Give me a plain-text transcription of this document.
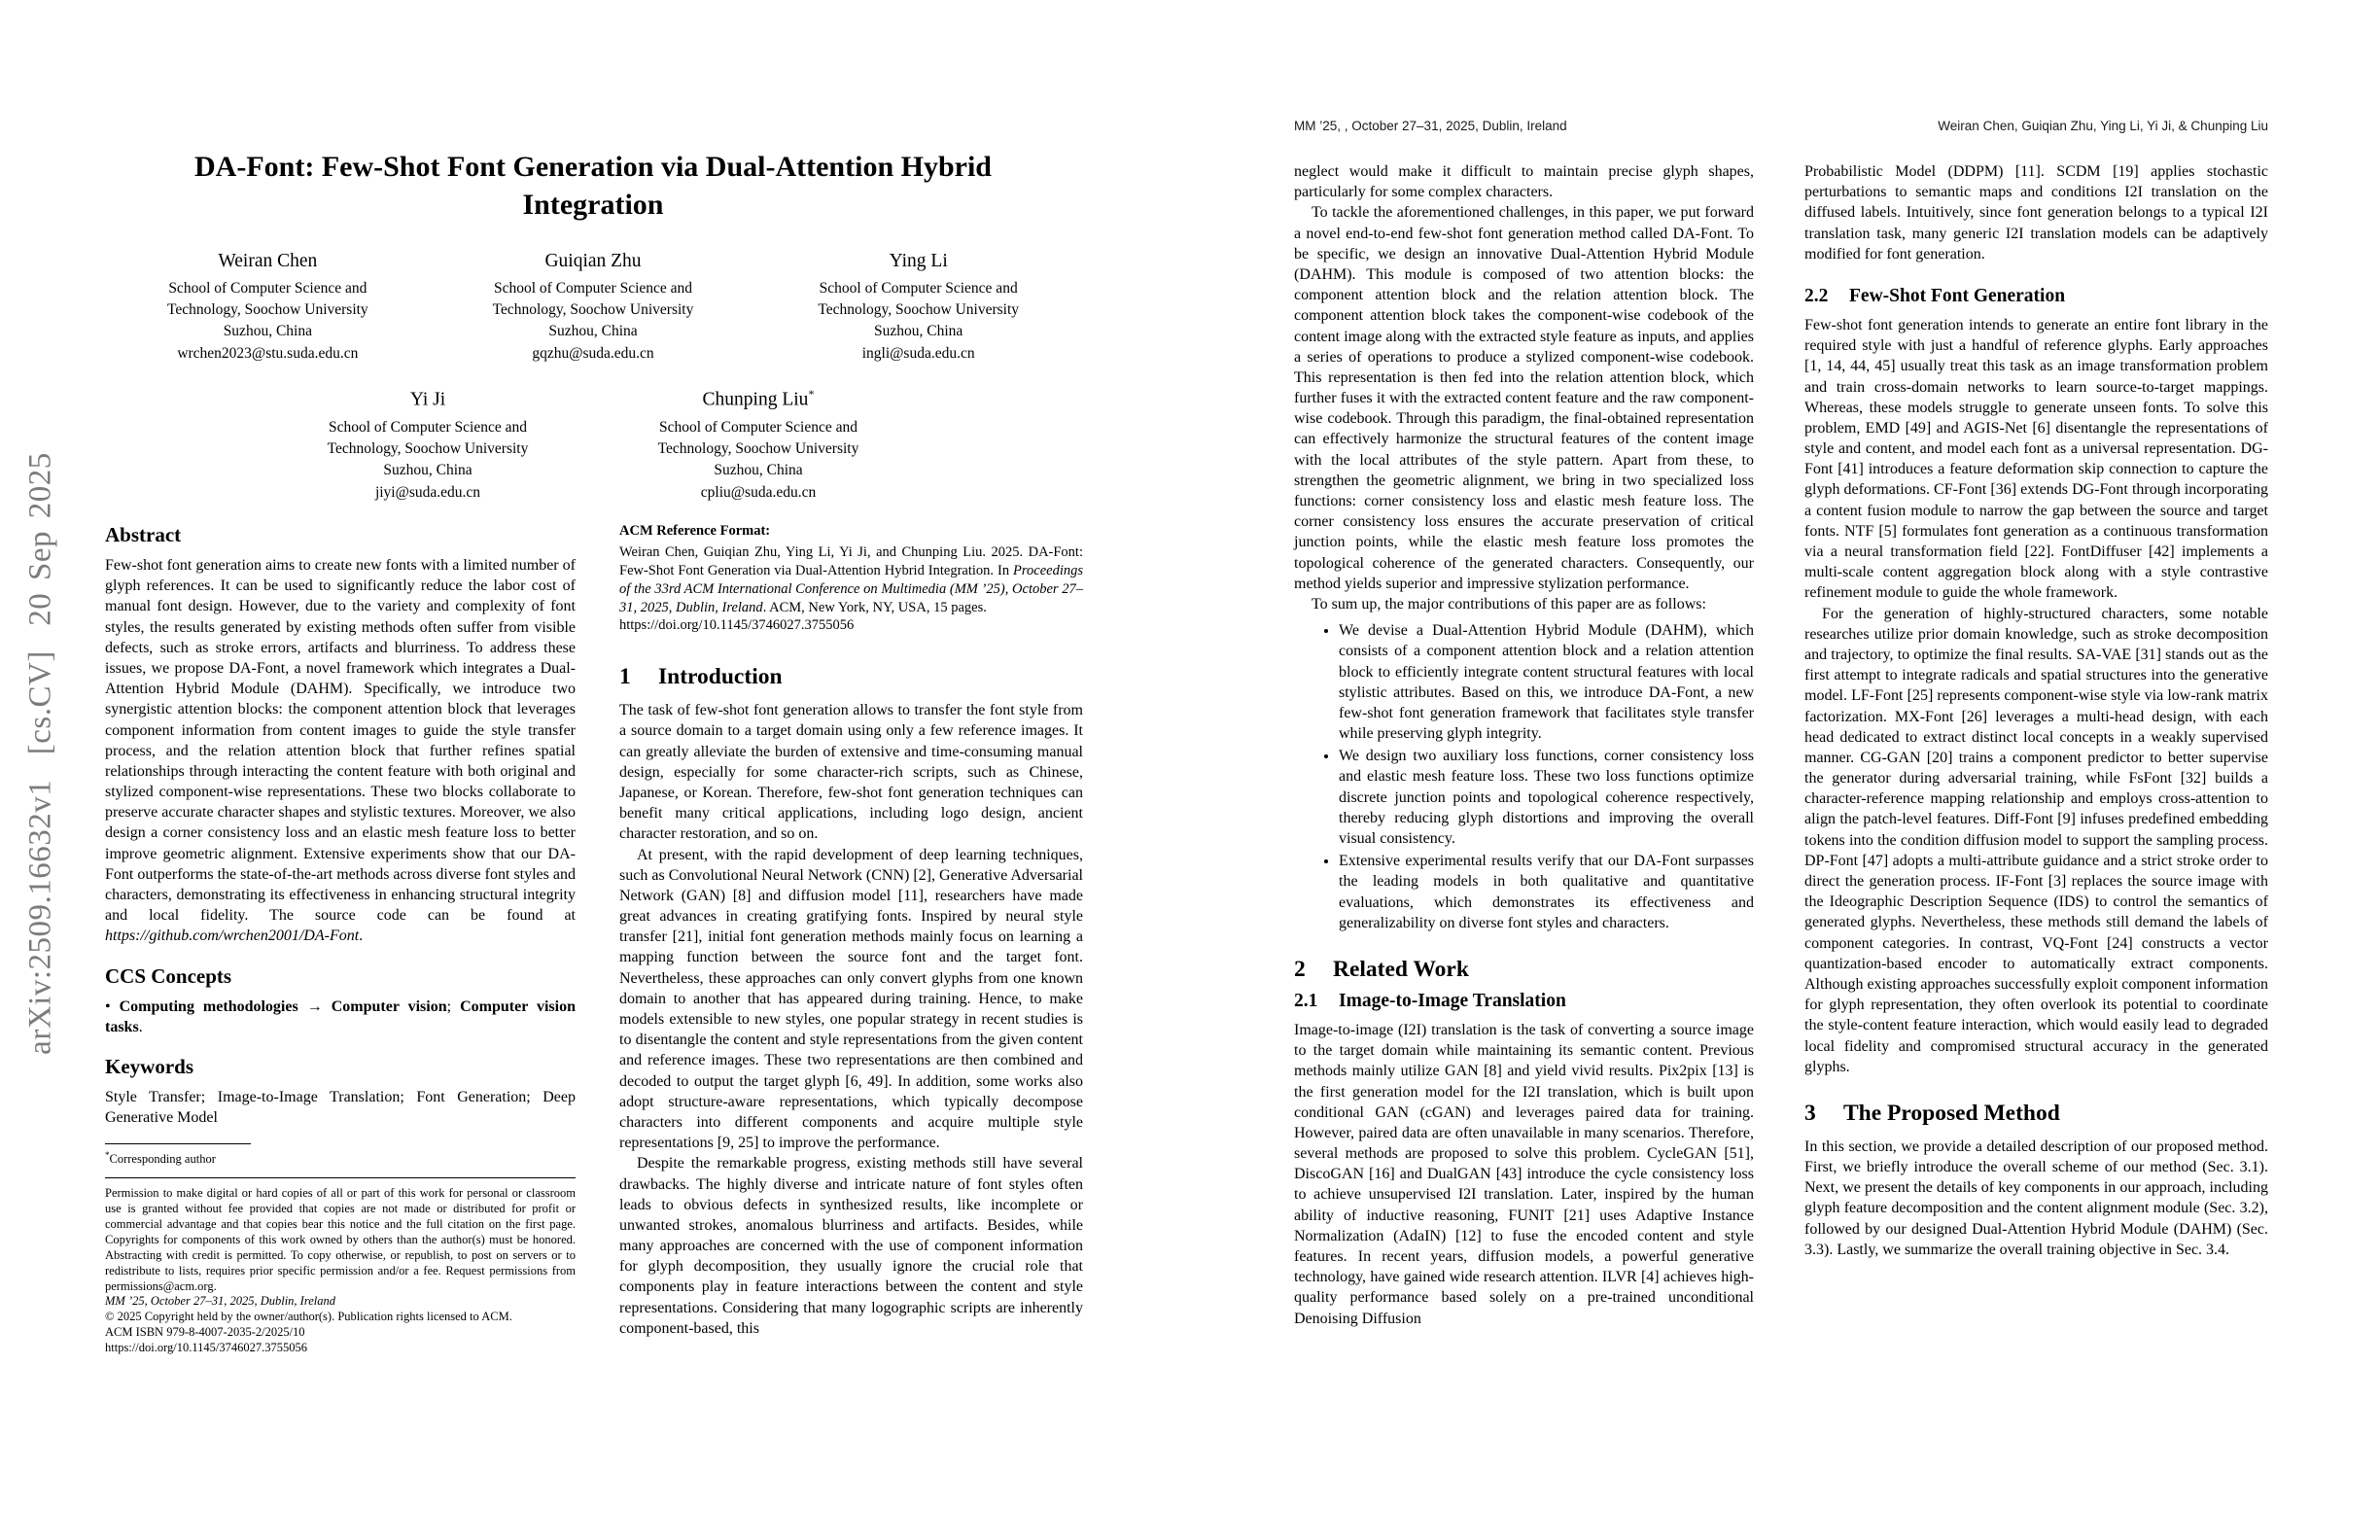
arXiv:2509.16632v1  [cs.CV]  20 Sep 2025
DA-Font: Few-Shot Font Generation via Dual-Attention Hybrid
Integration
Weiran Chen
School of Computer Science and
Technology, Soochow University
Suzhou, China
wrchen2023@stu.suda.edu.cn
Guiqian Zhu
School of Computer Science and
Technology, Soochow University
Suzhou, China
gqzhu@suda.edu.cn
Ying Li
School of Computer Science and
Technology, Soochow University
Suzhou, China
ingli@suda.edu.cn
Yi Ji
School of Computer Science and
Technology, Soochow University
Suzhou, China
jiyi@suda.edu.cn
Chunping Liu*
School of Computer Science and
Technology, Soochow University
Suzhou, China
cpliu@suda.edu.cn
Abstract

Few-shot font generation aims to create new fonts with a limited number of glyph references. It can be used to significantly reduce the labor cost of manual font design. However, due to the variety and complexity of font styles, the results generated by existing methods often suffer from visible defects, such as stroke errors, artifacts and blurriness. To address these issues, we propose DA-Font, a novel framework which integrates a Dual-Attention Hybrid Module (DAHM). Specifically, we introduce two synergistic attention blocks: the component attention block that leverages component information from content images to guide the style transfer process, and the relation attention block that further refines spatial relationships through interacting the content feature with both original and stylized component-wise representations. These two blocks collaborate to preserve accurate character shapes and stylistic textures. Moreover, we also design a corner consistency loss and an elastic mesh feature loss to better improve geometric alignment. Extensive experiments show that our DA-Font outperforms the state-of-the-art methods across diverse font styles and characters, demonstrating its effectiveness in enhancing structural integrity and local fidelity. The source code can be found at https://github.com/wrchen2001/DA-Font.

CCS Concepts

• Computing methodologies → Computer vision; Computer vision tasks.

Keywords

Style Transfer; Image-to-Image Translation; Font Generation; Deep Generative Model

*Corresponding author

Permission to make digital or hard copies of all or part of this work for personal or classroom use is granted without fee provided that copies are not made or distributed for profit or commercial advantage and that copies bear this notice and the full citation on the first page. Copyrights for components of this work owned by others than the author(s) must be honored. Abstracting with credit is permitted. To copy otherwise, or republish, to post on servers or to redistribute to lists, requires prior specific permission and/or a fee. Request permissions from permissions@acm.org.

MM ’25, October 27–31, 2025, Dublin, Ireland

© 2025 Copyright held by the owner/author(s). Publication rights licensed to ACM.

ACM ISBN 979-8-4007-2035-2/2025/10

https://doi.org/10.1145/3746027.3755056

ACM Reference Format:

Weiran Chen, Guiqian Zhu, Ying Li, Yi Ji, and Chunping Liu. 2025. DA-Font: Few-Shot Font Generation via Dual-Attention Hybrid Integration. In Proceedings of the 33rd ACM International Conference on Multimedia (MM ’25), October 27–31, 2025, Dublin, Ireland. ACM, New York, NY, USA, 15 pages.
https://doi.org/10.1145/3746027.3755056

1 Introduction

The task of few-shot font generation allows to transfer the font style from a source domain to a target domain using only a few reference images. It can greatly alleviate the burden of extensive and time-consuming manual design, especially for some character-rich scripts, such as Chinese, Japanese, or Korean. Therefore, few-shot font generation techniques can benefit many critical applications, including logo design, ancient character restoration, and so on.

At present, with the rapid development of deep learning techniques, such as Convolutional Neural Network (CNN) [2], Generative Adversarial Network (GAN) [8] and diffusion model [11], researchers have made great advances in creating gratifying fonts. Inspired by neural style transfer [21], initial font generation methods mainly focus on learning a mapping function between the source font and the target font. Nevertheless, these approaches can only convert glyphs from one known domain to another that has appeared during training. Hence, to make models extensible to new styles, one popular strategy in recent studies is to disentangle the content and style representations from the given content and reference images. These two representations are then combined and decoded to output the target glyph [6, 49]. In addition, some works also adopt structure-aware representations, which typically decompose characters into different components and acquire multiple style representations [9, 25] to improve the performance.

Despite the remarkable progress, existing methods still have several drawbacks. The highly diverse and intricate nature of font styles often leads to obvious defects in synthesized results, like incomplete or unwanted strokes, anomalous blurriness and artifacts. Besides, while many approaches are concerned with the use of component information for glyph decomposition, they usually ignore the crucial role that components play in feature interactions between the content and style representations. Considering that many logographic scripts are inherently component-based, this

MM ’25, , October 27–31, 2025, Dublin, Ireland	Weiran Chen, Guiqian Zhu, Ying Li, Yi Ji, & Chunping Liu

neglect would make it difficult to maintain precise glyph shapes, particularly for some complex characters.

To tackle the aforementioned challenges, in this paper, we put forward a novel end-to-end few-shot font generation method called DA-Font. To be specific, we design an innovative Dual-Attention Hybrid Module (DAHM). This module is composed of two attention blocks: the component attention block and the relation attention block. The component attention block takes the component-wise codebook of the content image along with the extracted style feature as inputs, and applies a series of operations to produce a stylized component-wise codebook. This representation is then fed into the relation attention block, which further fuses it with the extracted content feature and the raw component-wise codebook. Through this paradigm, the final-obtained representation can effectively harmonize the structural features of the content image with the local attributes of the style pattern. Apart from these, to strengthen the geometric alignment, we bring in two specialized loss functions: corner consistency loss and elastic mesh feature loss. The corner consistency loss ensures the accurate preservation of critical junction points, while the elastic mesh feature loss promotes the topological coherence of the generated characters. Consequently, our method yields superior and impressive stylization performance.

To sum up, the major contributions of this paper are as follows:

• We devise a Dual-Attention Hybrid Module (DAHM), which consists of a component attention block and a relation attention block to efficiently integrate content structural features with local stylistic attributes. Based on this, we introduce DA-Font, a new few-shot font generation framework that facilitates style transfer while preserving glyph integrity.
• We design two auxiliary loss functions, corner consistency loss and elastic mesh feature loss. These two loss functions optimize discrete junction points and topological coherence respectively, thereby reducing glyph distortions and improving the overall visual consistency.
• Extensive experimental results verify that our DA-Font surpasses the leading models in both qualitative and quantitative evaluations, which demonstrates its effectiveness and generalizability on diverse font styles and characters.
2 Related Work
2.1 Image-to-Image Translation

Image-to-image (I2I) translation is the task of converting a source image to the target domain while maintaining its semantic content. Previous methods mainly utilize GAN [8] and yield vivid results. Pix2pix [13] is the first generation model for the I2I translation, which is built upon conditional GAN (cGAN) and leverages paired data for training. However, paired data are often unavailable in many scenarios. Therefore, several methods are proposed to solve this problem. CycleGAN [51], DiscoGAN [16] and DualGAN [43] introduce the cycle consistency loss to achieve unsupervised I2I translation. Later, inspired by the human ability of inductive reasoning, FUNIT [21] uses Adaptive Instance Normalization (AdaIN) [12] to fuse the encoded content and style features. In recent years, diffusion models, a powerful generative technology, have gained wide research attention. ILVR [4] achieves high-quality performance based solely on a pre-trained unconditional Denoising Diffusion

Probabilistic Model (DDPM) [11]. SCDM [19] applies stochastic perturbations to semantic maps and conditions I2I translation on the diffused labels. Intuitively, since font generation belongs to a typical I2I translation task, many generic I2I translation models can be adaptively modified for font generation.

2.2 Few-Shot Font Generation

Few-shot font generation intends to generate an entire font library in the required style with just a handful of reference glyphs. Early approaches [1, 14, 44, 45] usually treat this task as an image transformation problem and train cross-domain networks to learn source-to-target mappings. Whereas, these models struggle to generate unseen fonts. To solve this problem, EMD [49] and AGIS-Net [6] disentangle the representations of style and content, and model each font as a universal representation. DG-Font [41] introduces a feature deformation skip connection to capture the glyph deformations. CF-Font [36] extends DG-Font through incorporating a content fusion module to narrow the gap between the source and target fonts. NTF [5] formulates font generation as a continuous transformation via a neural transformation field [22]. FontDiffuser [42] implements a multi-scale content aggregation block along with a style contrastive refinement module to guide the whole framework.

For the generation of highly-structured characters, some notable researches utilize prior domain knowledge, such as stroke decomposition and trajectory, to optimize the final results. SA-VAE [31] stands out as the first attempt to integrate radicals and spatial structures into the generative model. LF-Font [25] represents component-wise style via low-rank matrix factorization. MX-Font [26] leverages a multi-head design, with each head dedicated to extract distinct local concepts in a weakly supervised manner. CG-GAN [20] trains a component predictor to better supervise the generator during adversarial training, while FsFont [32] builds a character-reference mapping relationship and employs cross-attention to align the patch-level features. Diff-Font [9] infuses predefined embedding tokens into the condition diffusion model to support the sampling process. DP-Font [47] adopts a multi-attribute guidance and a strict stroke order to direct the generation process. IF-Font [3] replaces the source image with the Ideographic Description Sequence (IDS) to control the semantics of generated glyphs. Nevertheless, these methods still demand the labels of component categories. In contrast, VQ-Font [24] constructs a vector quantization-based encoder to automatically extract components. Although existing approaches successfully exploit component information for glyph representation, they often overlook its potential to coordinate the style-content feature interaction, which would easily lead to degraded local fidelity and compromised structural accuracy in the generated glyphs.

3 The Proposed Method

In this section, we provide a detailed description of our proposed method. First, we briefly introduce the overall scheme of our method (Sec. 3.1). Next, we present the details of key components in our approach, including glyph feature decomposition and the content alignment module (Sec. 3.2), followed by our designed Dual-Attention Hybrid Module (DAHM) (Sec. 3.3). Lastly, we summarize the overall training objective in Sec. 3.4.
